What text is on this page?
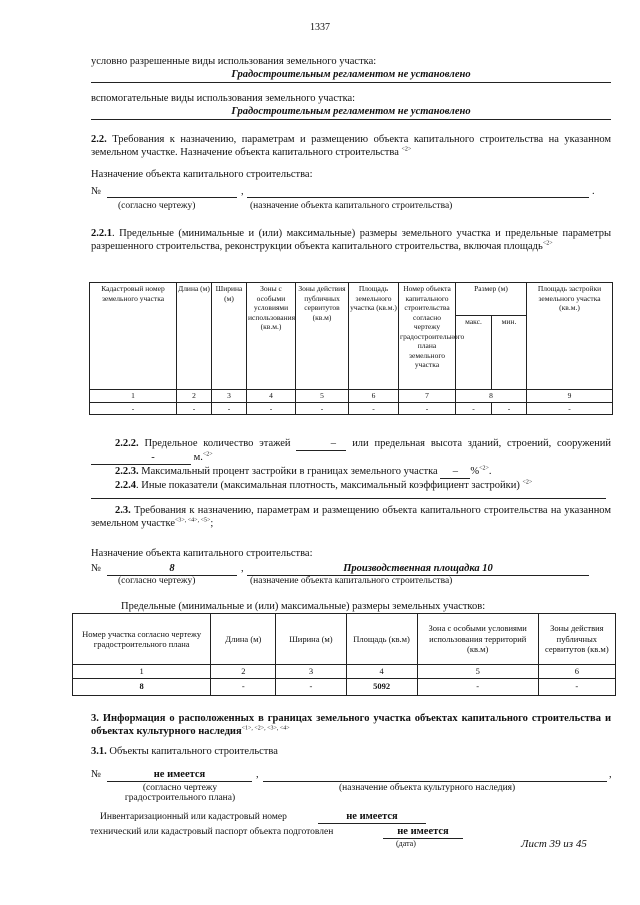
1337
условно разрешенные виды использования земельного участка:
Градостроительным регламентом не установлено
вспомогательные виды использования земельного участка:
Градостроительным регламентом не установлено
2.2. Требования к назначению, параметрам и размещению объекта капитального строительства на указанном земельном участке. Назначение объекта капитального строительства $^{<2>}$
Назначение объекта капитального строительства:
№	,	.
(согласно чертежу)	(назначение объекта капитального строительства)
2.2.1. Предельные (минимальные и (или) максимальные) размеры земельного участка и предельные параметры разрешенного строительства, реконструкции объекта капитального строительства, включая площадь$^{<2>}$
Кадастровый номер земельного участка	Длина (м)	Ширина (м)	Зоны с особыми условиями использования (кв.м.)	Зоны действия публичных сервитутов (кв.м)	Площадь земельного участка (кв.м.)	Номер объекта капитального строительства согласно чертежу градостроительного плана земельного участка	Размер (м)		Площадь застройки земельного участка (кв.м.)
							макс.	мин.	
1	2	3	4	5	6	7	8		9
-	-	-	-	-	-	-	-	-	-
2.2.2. Предельное количество этажей	– или предельная высота зданий, строений, сооружений -	м.$^{<2>}$
2.2.3. Максимальный процент застройки в границах земельного участка – %$^{<2>}$.
2.2.4. Иные показатели (максимальная плотность, максимальный коэффициент застройки) $^{<2>}$
2.3. Требования к назначению, параметрам и размещению объекта капитального строительства на указанном земельном участке$^{<3>, <4>, <5>}$;
Назначение объекта капитального строительства:
№	8	,	Производственная площадка 10
(согласно чертежу)	(назначение объекта капитального строительства)
Предельные (минимальные и (или) максимальные) размеры земельных участков:
Номер участка согласно чертежу градостроительного плана	Длина (м)	Ширина (м)	Площадь (кв.м)	Зона с особыми условиями использования территорий (кв.м)	Зоны действия публичных сервитутов (кв.м)
1	2	3	4	5	6
8	-	-	5092	-	-
3. Информация о расположенных в границах земельного участка объектах капитального строительства и объектах культурного наследия$^{<1>, <2>, <3>, <4>}$
3.1. Объекты капитального строительства
№	не имеется	,	,
(согласно чертежу градостроительного плана)
(назначение объекта культурного наследия)
Инвентаризационный или кадастровый номер	не имеется
технический или кадастровый паспорт объекта подготовлен	не имеется
(дата)	Лист 39 из 45
